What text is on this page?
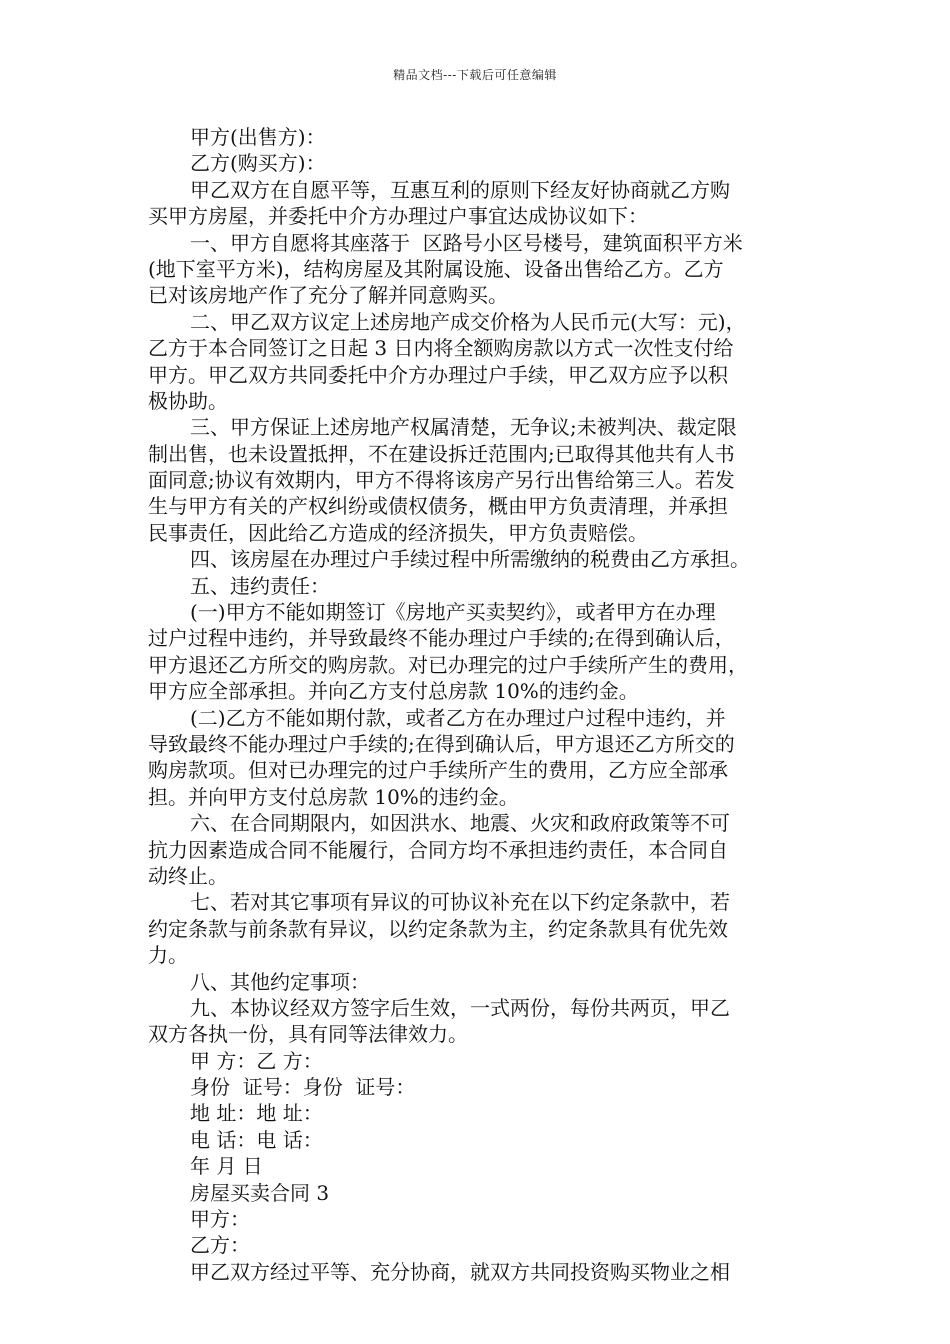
精品文档---下载后可任意编辑
甲方(出售方)：
乙方(购买方)：
甲乙双方在自愿平等，互惠互利的原则下经友好协商就乙方购
买甲方房屋，并委托中介方办理过户事宜达成协议如下：
一、甲方自愿将其座落于  区路号小区号楼号，建筑面积平方米
(地下室平方米)，结构房屋及其附属设施、设备出售给乙方。乙方
已对该房地产作了充分了解并同意购买。
二、甲乙双方议定上述房地产成交价格为人民币元(大写：元)，
乙方于本合同签订之日起 3 日内将全额购房款以方式一次性支付给
甲方。甲乙双方共同委托中介方办理过户手续，甲乙双方应予以积
极协助。
三、甲方保证上述房地产权属清楚，无争议;未被判决、裁定限
制出售，也未设置抵押，不在建设拆迁范围内;已取得其他共有人书
面同意;协议有效期内，甲方不得将该房产另行出售给第三人。若发
生与甲方有关的产权纠纷或债权债务，概由甲方负责清理，并承担
民事责任，因此给乙方造成的经济损失，甲方负责赔偿。
四、该房屋在办理过户手续过程中所需缴纳的税费由乙方承担。
五、违约责任：
(一)甲方不能如期签订《房地产买卖契约》，或者甲方在办理
过户过程中违约，并导致最终不能办理过户手续的;在得到确认后，
甲方退还乙方所交的购房款。对已办理完的过户手续所产生的费用，
甲方应全部承担。并向乙方支付总房款 10%的违约金。
(二)乙方不能如期付款，或者乙方在办理过户过程中违约，并
导致最终不能办理过户手续的;在得到确认后，甲方退还乙方所交的
购房款项。但对已办理完的过户手续所产生的费用，乙方应全部承
担。并向甲方支付总房款 10%的违约金。
六、在合同期限内，如因洪水、地震、火灾和政府政策等不可
抗力因素造成合同不能履行，合同方均不承担违约责任，本合同自
动终止。
七、若对其它事项有异议的可协议补充在以下约定条款中，若
约定条款与前条款有异议，以约定条款为主，约定条款具有优先效
力。
八、其他约定事项：
九、本协议经双方签字后生效，一式两份，每份共两页，甲乙
双方各执一份，具有同等法律效力。
甲 方：乙 方：
身份  证号：身份  证号：
地 址：地 址：
电 话：电 话：
年 月 日
房屋买卖合同 3
甲方：
乙方：
甲乙双方经过平等、充分协商，就双方共同投资购买物业之相
